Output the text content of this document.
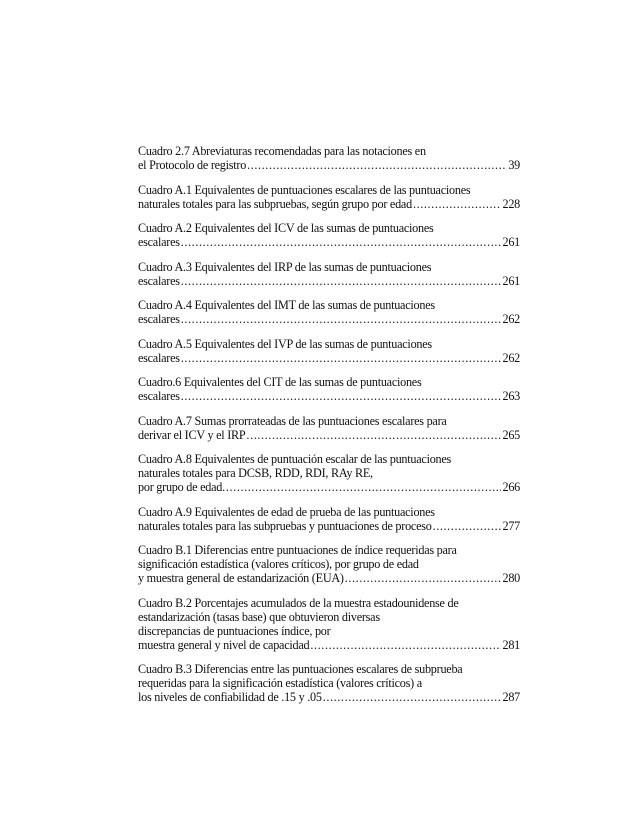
Cuadro 2.7 Abreviaturas recomendadas para las notaciones en
el Protocolo de registro .....	39
Cuadro A.1 Equivalentes de puntuaciones escalares de las puntuaciones
naturales totales para las subpruebas, según grupo por edad .....	228
Cuadro A.2 Equivalentes del ICV de las sumas de puntuaciones
escalares .....	261
Cuadro A.3 Equivalentes del IRP de las sumas de puntuaciones
escalares .....	261
Cuadro A.4 Equivalentes del IMT de las sumas de puntuaciones
escalares .....	262
Cuadro A.5 Equivalentes del IVP de las sumas de puntuaciones
escalares .....	262
Cuadro.6 Equivalentes del CIT de las sumas de puntuaciones
escalares .....	263
Cuadro A.7 Sumas prorrateadas de las puntuaciones escalares para
derivar el ICV y el IRP .....	265
Cuadro A.8 Equivalentes de puntuación escalar de las puntuaciones
naturales totales para DCSB, RDD, RDI, RAy RE,
por grupo de edad. .....	266
Cuadro A.9 Equivalentes de edad de prueba de las puntuaciones
naturales totales para las subpruebas y puntuaciones de proceso .....	277
Cuadro B.1 Diferencias entre puntuaciones de índice requeridas para
significación estadística (valores críticos), por grupo de edad
y muestra general de estandarización (EUA) .....	280
Cuadro B.2 Porcentajes acumulados de la muestra estadounidense de
estandarización (tasas base) que obtuvieron diversas
discrepancias de puntuaciones índice, por
muestra general y nivel de capacidad .....	281
Cuadro B.3 Diferencias entre las puntuaciones escalares de subprueba
requeridas para la significación estadística (valores críticos) a
los niveles de confiabilidad de .15 y .05 .....	287
